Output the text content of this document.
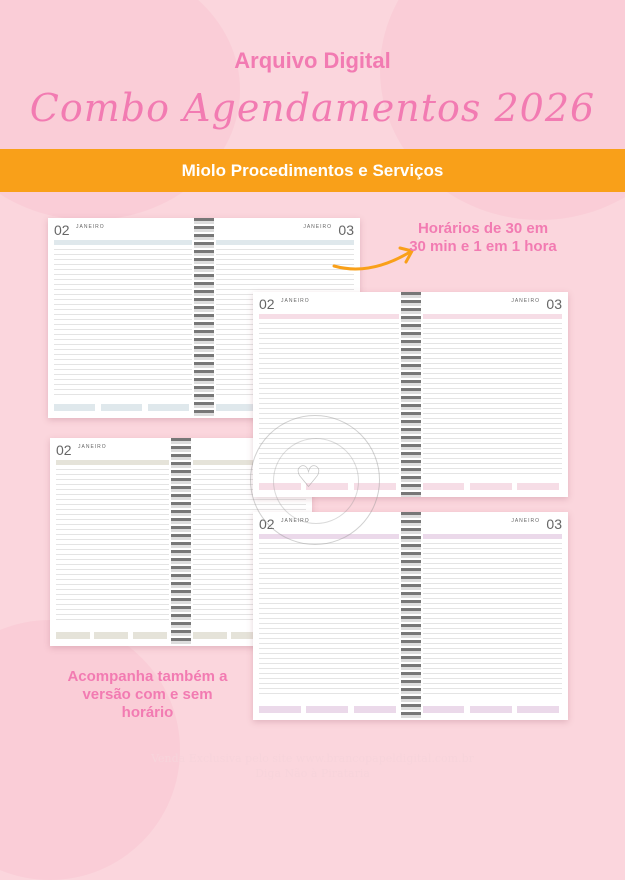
Arquivo Digital
Combo Agendamentos 2026
Miolo Procedimentos e Serviços
02 JANEIRO	03
JANEIRO
02 JANEIRO
02 JANEIRO	03
JANEIRO
02 JANEIRO	03
JANEIRO
♡
Horários de 30 em 30 min e 1 em 1 hora
Acompanha também a versão com e sem horário
Venda Exclusiva pelo site www.brancopapeldigital.com.br
Diga Não à Pirataria
